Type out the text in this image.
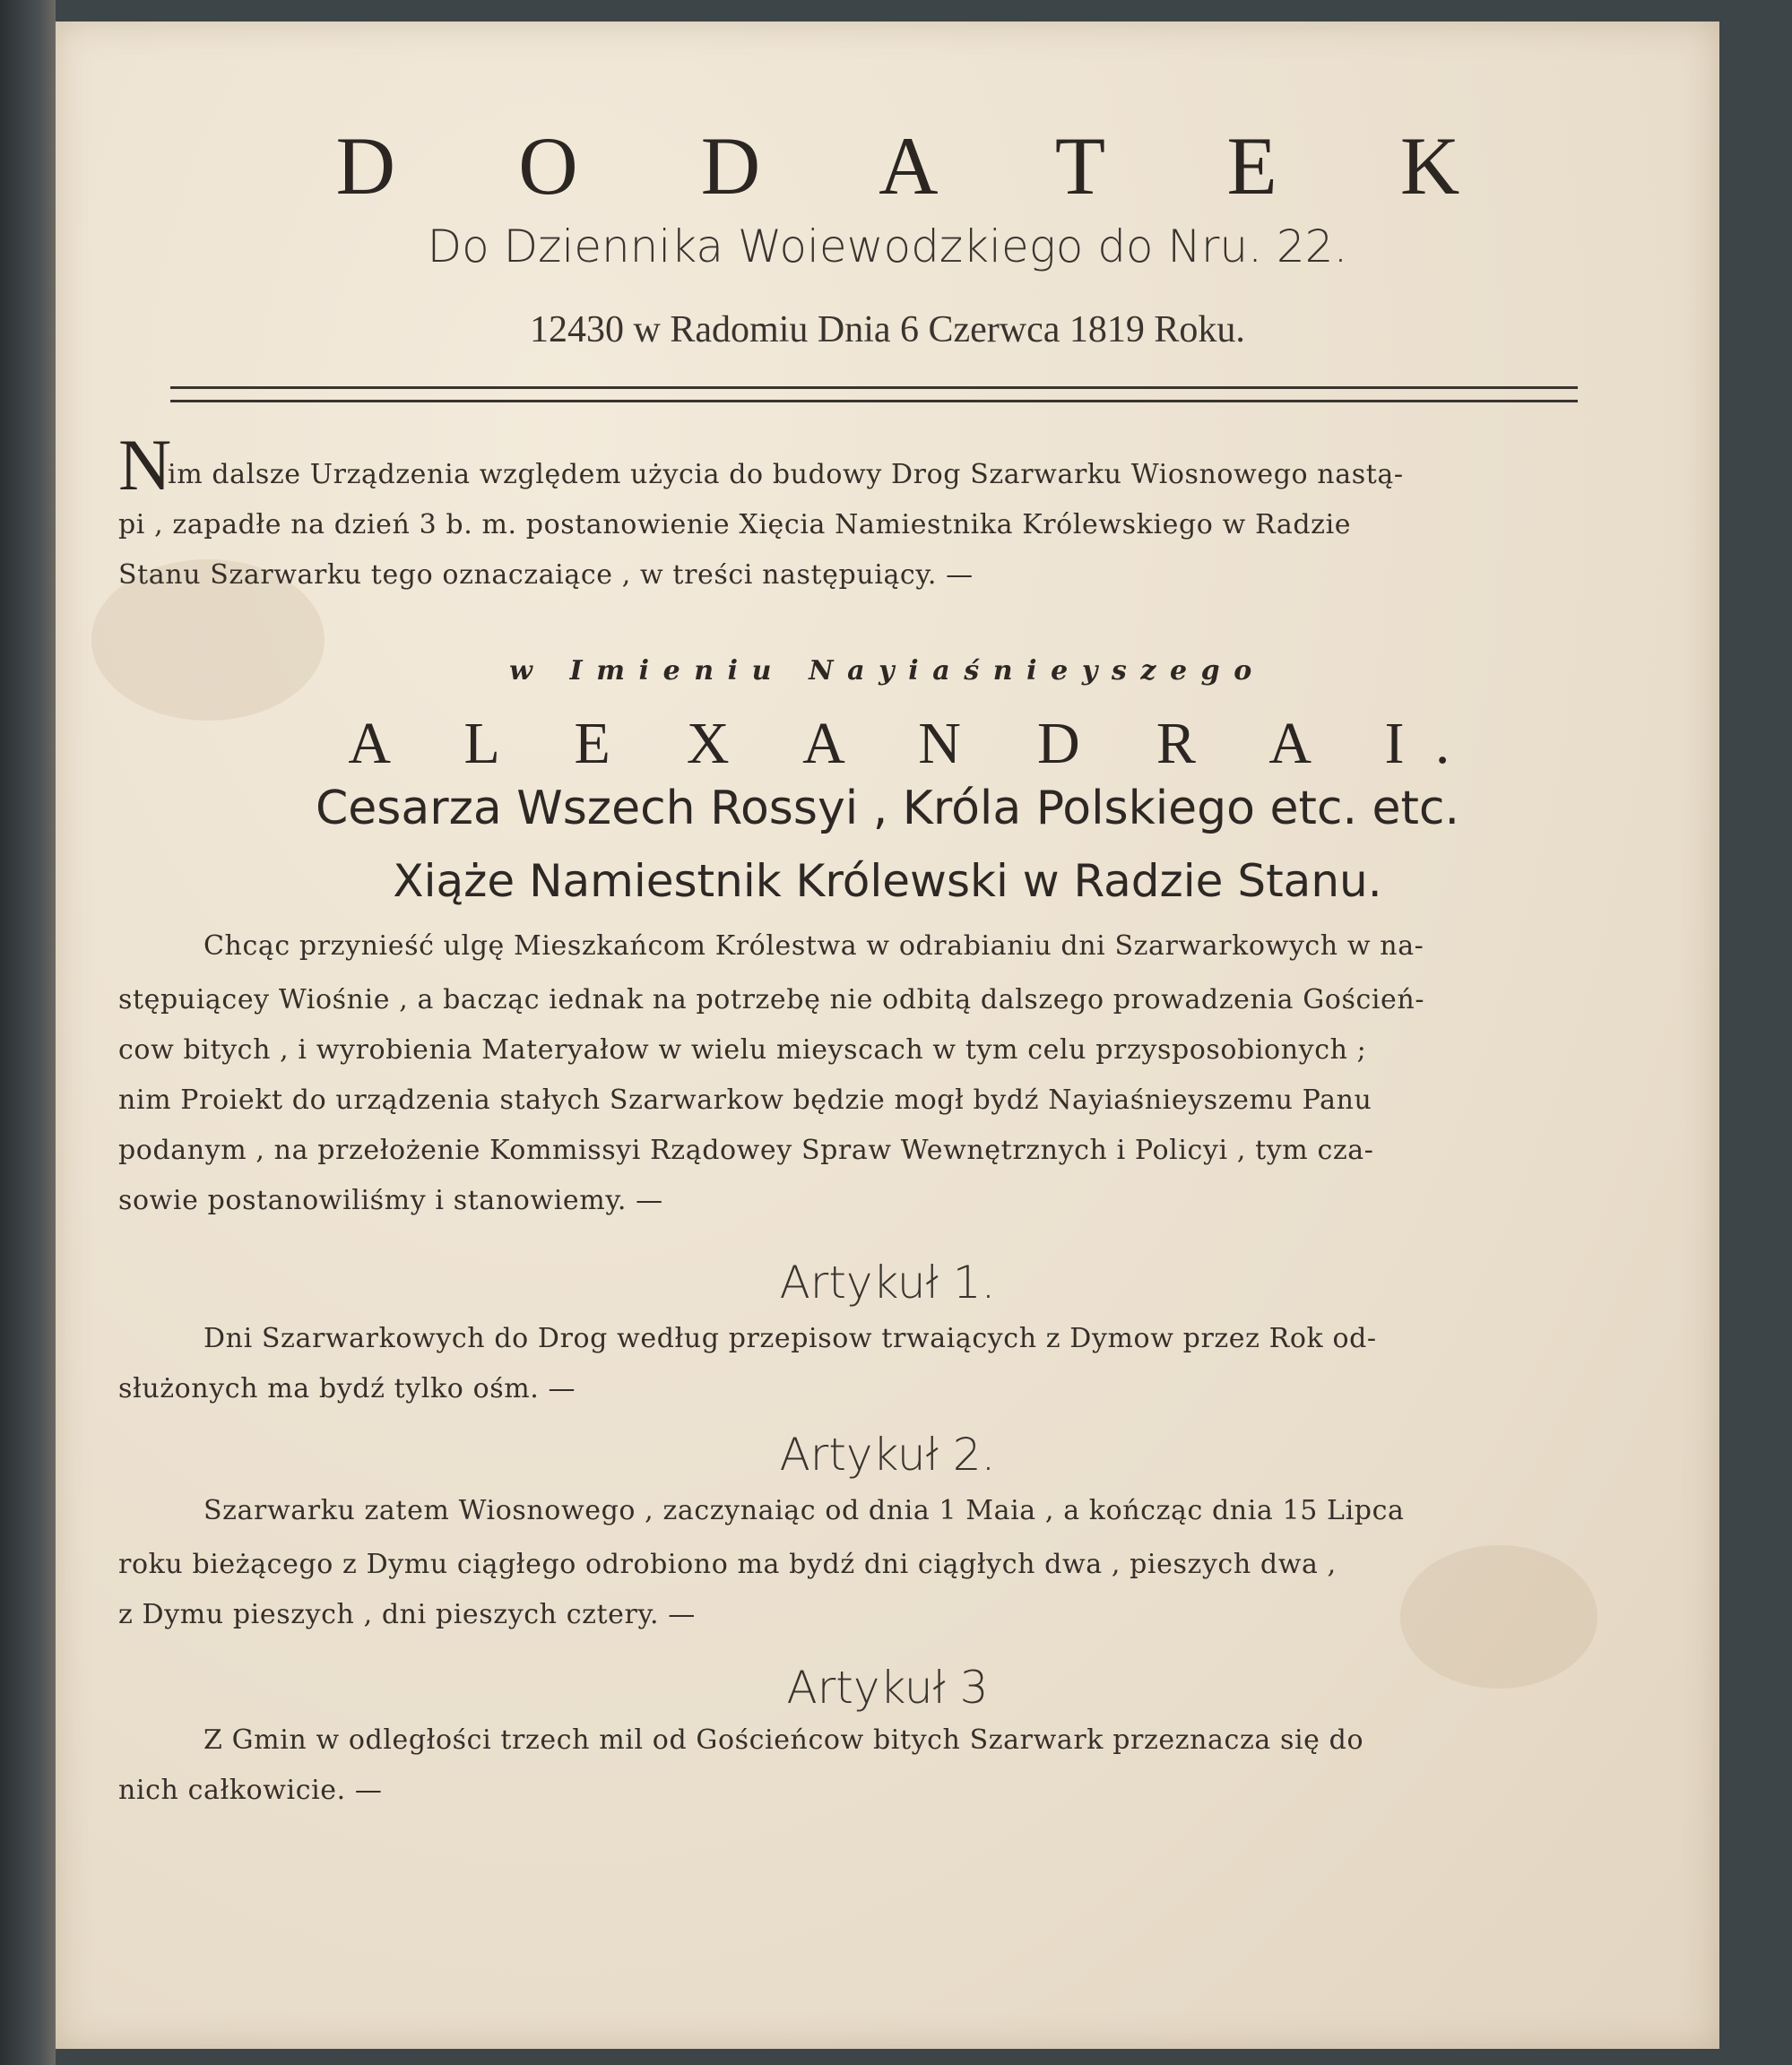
D O D A T E K
Do Dziennika Woiewodzkiego do Nru. 22.
12430 w Radomiu Dnia 6 Czerwca 1819 Roku.
N
im dalsze Urządzenia względem użycia do budowy Drog Szarwarku Wiosnowego nastą-
pi , zapadłe na dzień 3 b. m. postanowienie Xięcia Namiestnika Królewskiego w Radzie
Stanu Szarwarku tego oznaczaiące , w treści następuiący. —
w Imieniu Nayiaśnieyszego
A L E X A N D R A I.
Cesarza Wszech Rossyi , Króla Polskiego etc. etc.
Xiąże Namiestnik Królewski w Radzie Stanu.
Chcąc przynieść ulgę Mieszkańcom Królestwa w odrabianiu dni Szarwarkowych w na-
stępuiącey Wiośnie , a bacząc iednak na potrzebę nie odbitą dalszego prowadzenia Goścień-
cow bitych , i wyrobienia Materyałow w wielu mieyscach w tym celu przysposobionych ;
nim Proiekt do urządzenia stałych Szarwarkow będzie mogł bydź Nayiaśnieyszemu Panu
podanym , na przełożenie Kommissyi Rządowey Spraw Wewnętrznych i Policyi , tym cza-
sowie postanowiliśmy i stanowiemy. —
Artykuł 1.
Dni Szarwarkowych do Drog według przepisow trwaiących z Dymow przez Rok od-
służonych ma bydź tylko ośm. —
Artykuł 2.
Szarwarku zatem Wiosnowego , zaczynaiąc od dnia 1 Maia , a kończąc dnia 15 Lipca
roku bieżącego z Dymu ciągłego odrobiono ma bydź dni ciągłych dwa , pieszych dwa ,
z Dymu pieszych , dni pieszych cztery. —
Artykuł 3
Z Gmin w odległości trzech mil od Gościeńcow bitych Szarwark przeznacza się do
nich całkowicie. —
